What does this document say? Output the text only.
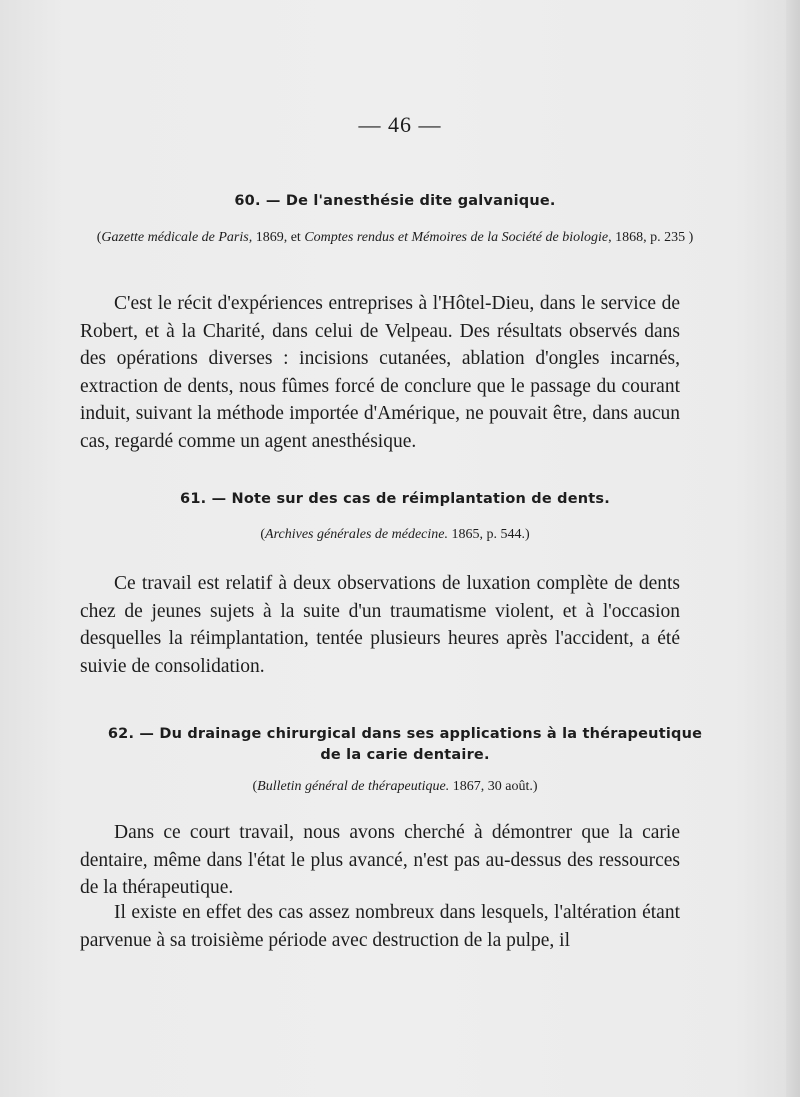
— 46 —
60. — De l'anesthésie dite galvanique.
(Gazette médicale de Paris, 1869, et Comptes rendus et Mémoires de la Société de biologie, 1868, p. 235 )

C'est le récit d'expériences entreprises à l'Hôtel-Dieu, dans le service de Robert, et à la Charité, dans celui de Velpeau. Des résultats observés dans des opérations diverses : incisions cutanées, ablation d'ongles incarnés, extraction de dents, nous fûmes forcé de conclure que le passage du courant induit, suivant la méthode importée d'Amérique, ne pouvait être, dans aucun cas, regardé comme un agent anesthésique.

61. — Note sur des cas de réimplantation de dents.
(Archives générales de médecine. 1865, p. 544.)

Ce travail est relatif à deux observations de luxation complète de dents chez de jeunes sujets à la suite d'un traumatisme violent, et à l'occasion desquelles la réimplantation, tentée plusieurs heures après l'accident, a été suivie de consolidation.

62. — Du drainage chirurgical dans ses applications à la thérapeutique de la carie dentaire.
(Bulletin général de thérapeutique. 1867, 30 août.)

Dans ce court travail, nous avons cherché à démontrer que la carie dentaire, même dans l'état le plus avancé, n'est pas au-dessus des ressources de la thérapeutique.

Il existe en effet des cas assez nombreux dans lesquels, l'altération étant parvenue à sa troisième période avec destruction de la pulpe, il
